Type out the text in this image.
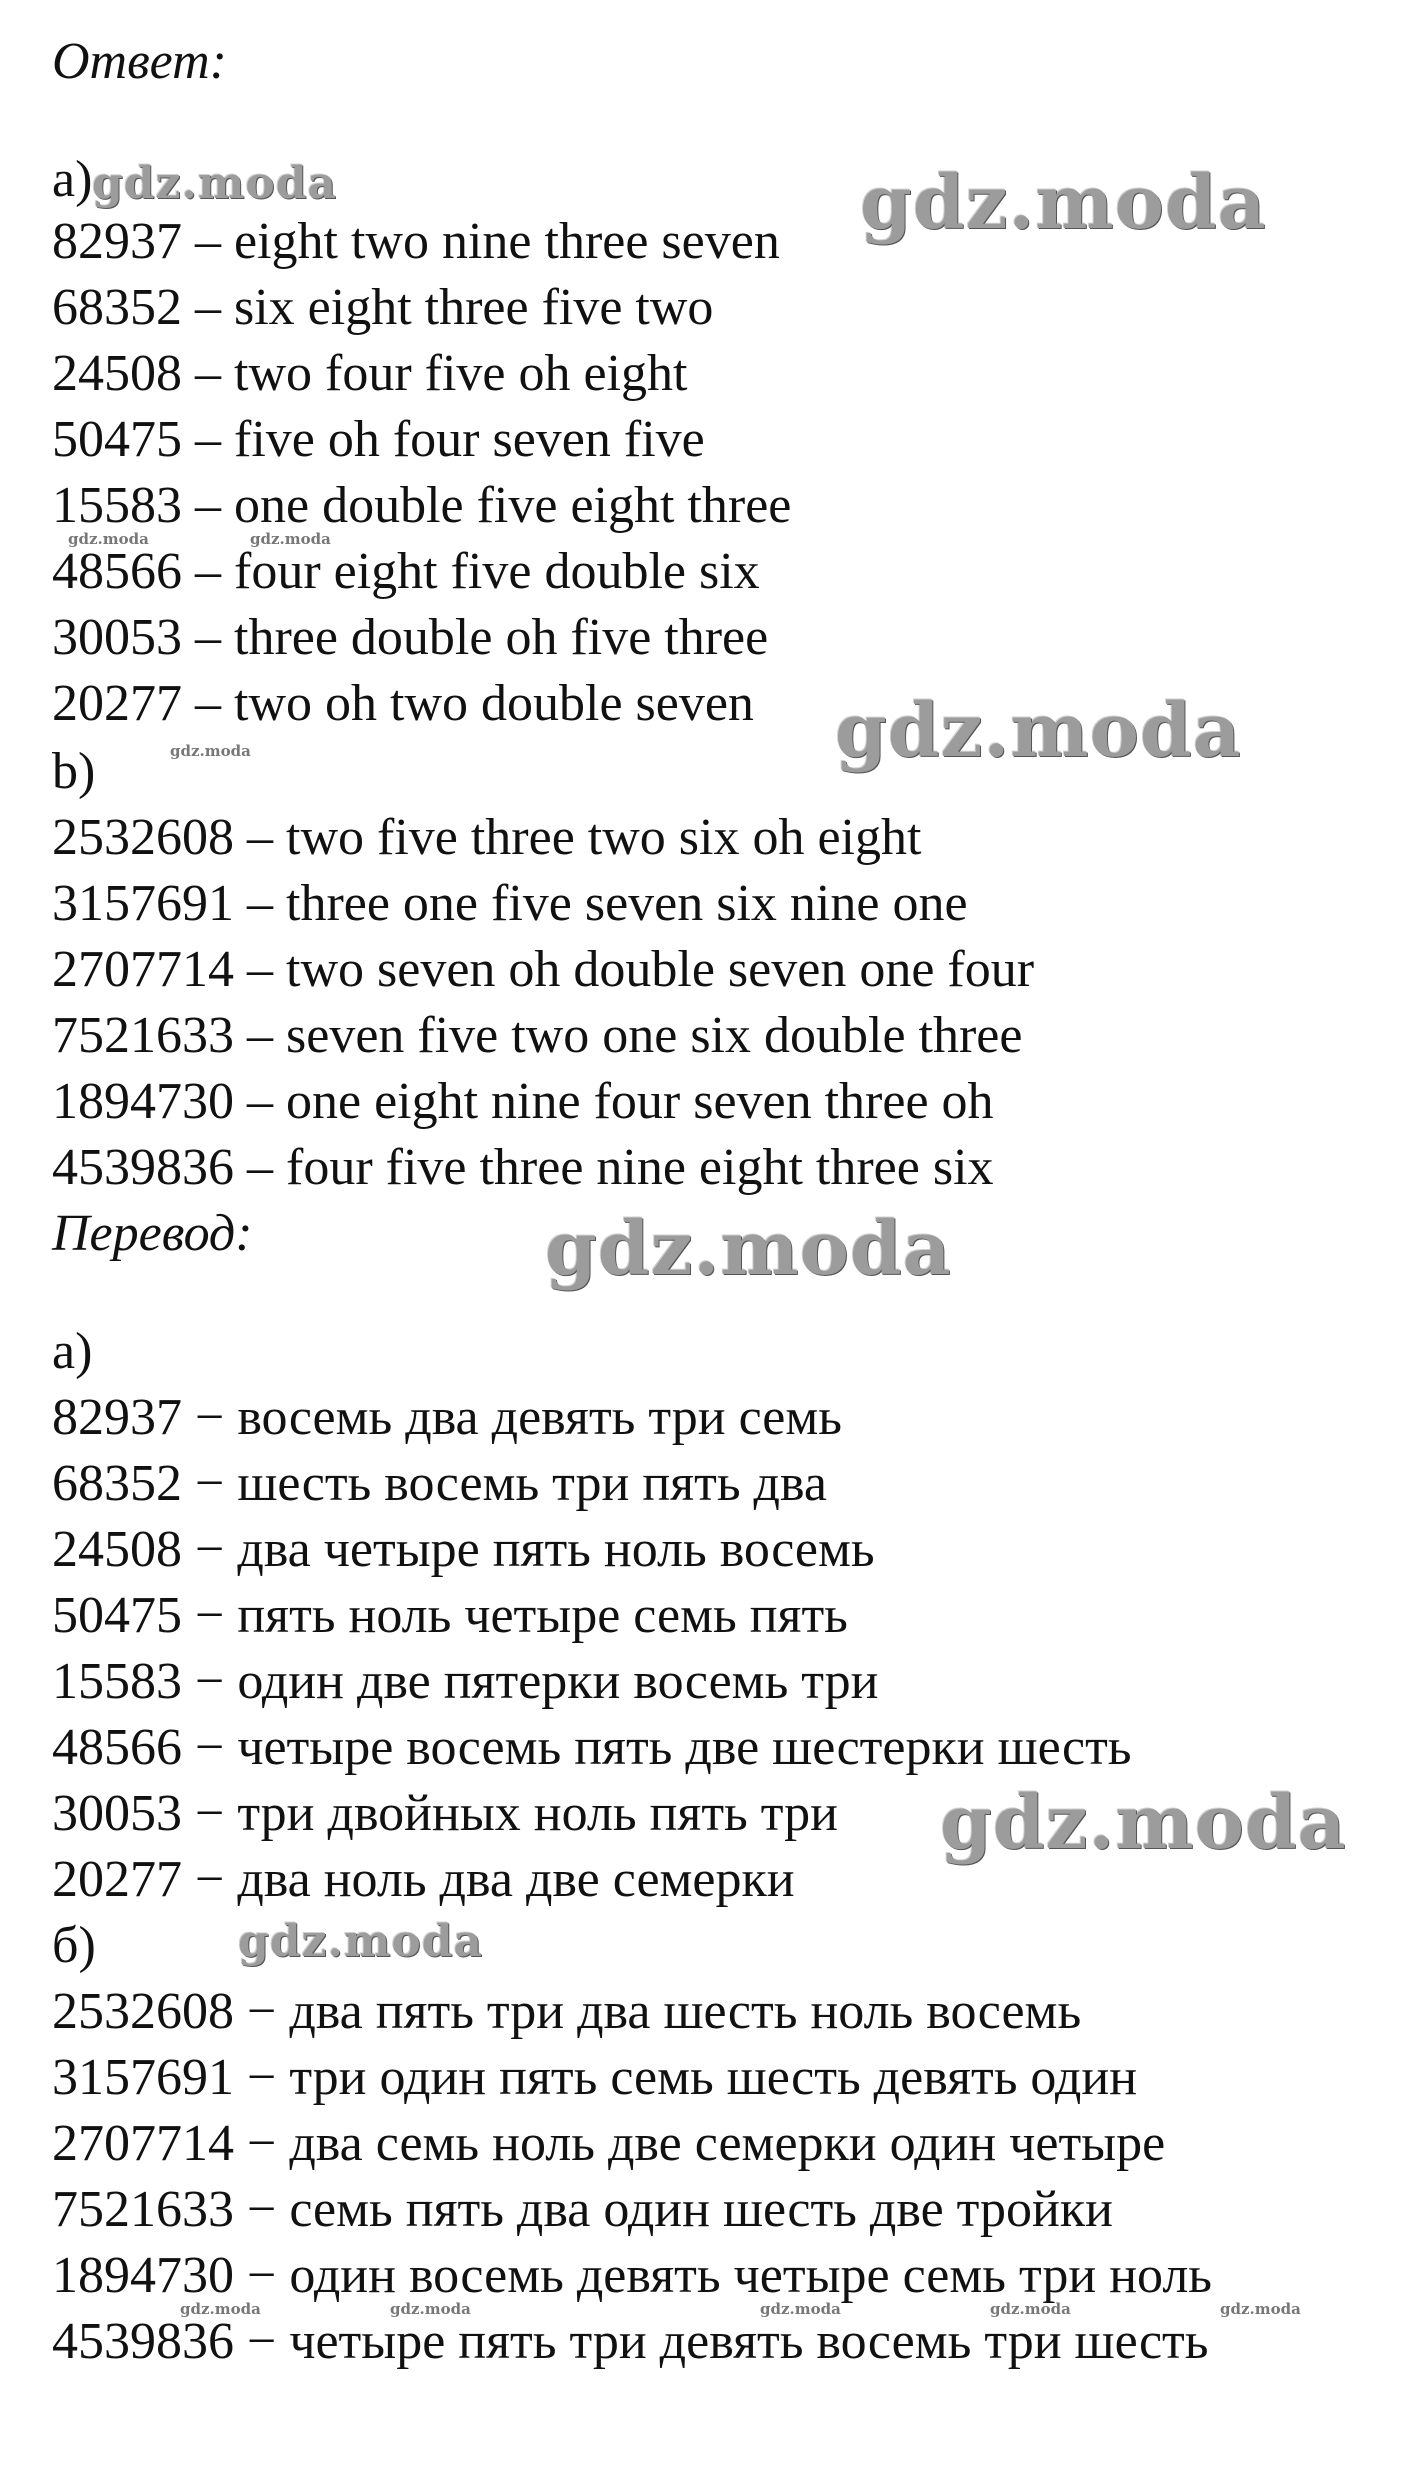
Ответ:
a)
82937 – eight two nine three seven
68352 – six eight three five two
24508 – two four five oh eight
50475 – five oh four seven five
15583 – one double five eight three
48566 – four eight five double six
30053 – three double oh five three
20277 – two oh two double seven
b)
2532608 – two five three two six oh eight
3157691 – three one five seven six nine one
2707714 – two seven oh double seven one four
7521633 – seven five two one six double three
1894730 – one eight nine four seven three oh
4539836 – four five three nine eight three six
Перевод:
а)
82937 − восемь два девять три семь
68352 − шесть восемь три пять два
24508 − два четыре пять ноль восемь
50475 − пять ноль четыре семь пять
15583 − один две пятерки восемь три
48566 − четыре восемь пять две шестерки шесть
30053 − три двойных ноль пять три
20277 − два ноль два две семерки
б)
2532608 − два пять три два шесть ноль восемь
3157691 − три один пять семь шесть девять один
2707714 − два семь ноль две семерки один четыре
7521633 − семь пять два один шесть две тройки
1894730 − один восемь девять четыре семь три ноль
4539836 − четыре пять три девять восемь три шесть
gdz.moda	gdz.moda
gdz.moda	gdz.moda
gdz.moda
gdz.moda
gdz.moda
gdz.moda
gdz.moda
gdz.moda	gdz.moda	gdz.moda	gdz.moda	gdz.moda
